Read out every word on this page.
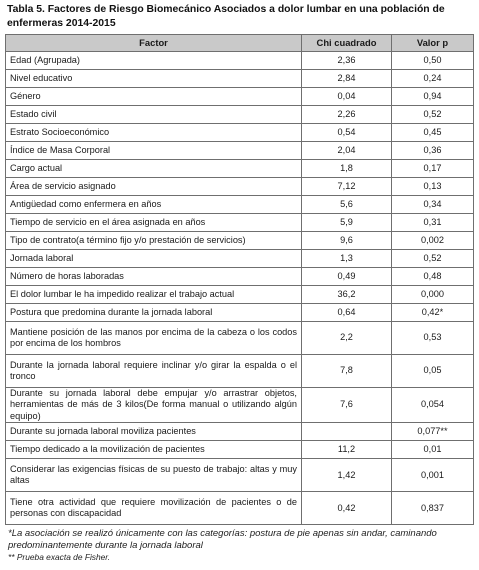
Tabla 5. Factores de Riesgo Biomecánico Asociados a dolor lumbar en una población de enfermeras 2014-2015
Factor	Chi cuadrado	Valor p
Edad (Agrupada)	2,36	0,50
Nivel educativo	2,84	0,24
Género	0,04	0,94
Estado civil	2,26	0,52
Estrato Socioeconómico	0,54	0,45
Índice de Masa Corporal	2,04	0,36
Cargo actual	1,8	0,17
Área de servicio asignado	7,12	0,13
Antigüedad como enfermera en años	5,6	0,34
Tiempo de servicio en el área asignada en años	5,9	0,31
Tipo de contrato(a término fijo y/o prestación de servicios)	9,6	0,002
Jornada laboral	1,3	0,52
Número de horas laboradas	0,49	0,48
El dolor lumbar le ha impedido realizar el trabajo actual	36,2	0,000
Postura que predomina durante la jornada laboral	0,64	0,42*
Mantiene posición de las manos por encima de la cabeza o los codos por encima de los hombros	2,2	0,53
Durante la jornada laboral requiere inclinar y/o girar la espalda o el tronco	7,8	0,05
Durante su jornada laboral debe empujar y/o arrastrar objetos, herramientas de más de 3 kilos(De forma manual o utilizando algún equipo)	7,6	0,054
Durante su jornada laboral moviliza pacientes		0,077**
Tiempo dedicado a la movilización de pacientes	11,2	0,01
Considerar las exigencias físicas de su puesto de trabajo: altas y muy altas	1,42	0,001
Tiene otra actividad que requiere movilización de pacientes o de personas con discapacidad	0,42	0,837
*La asociación se realizó únicamente con las categorías: postura de pie apenas sin andar, caminando predominantemente durante la jornada laboral
** Prueba exacta de Fisher.
